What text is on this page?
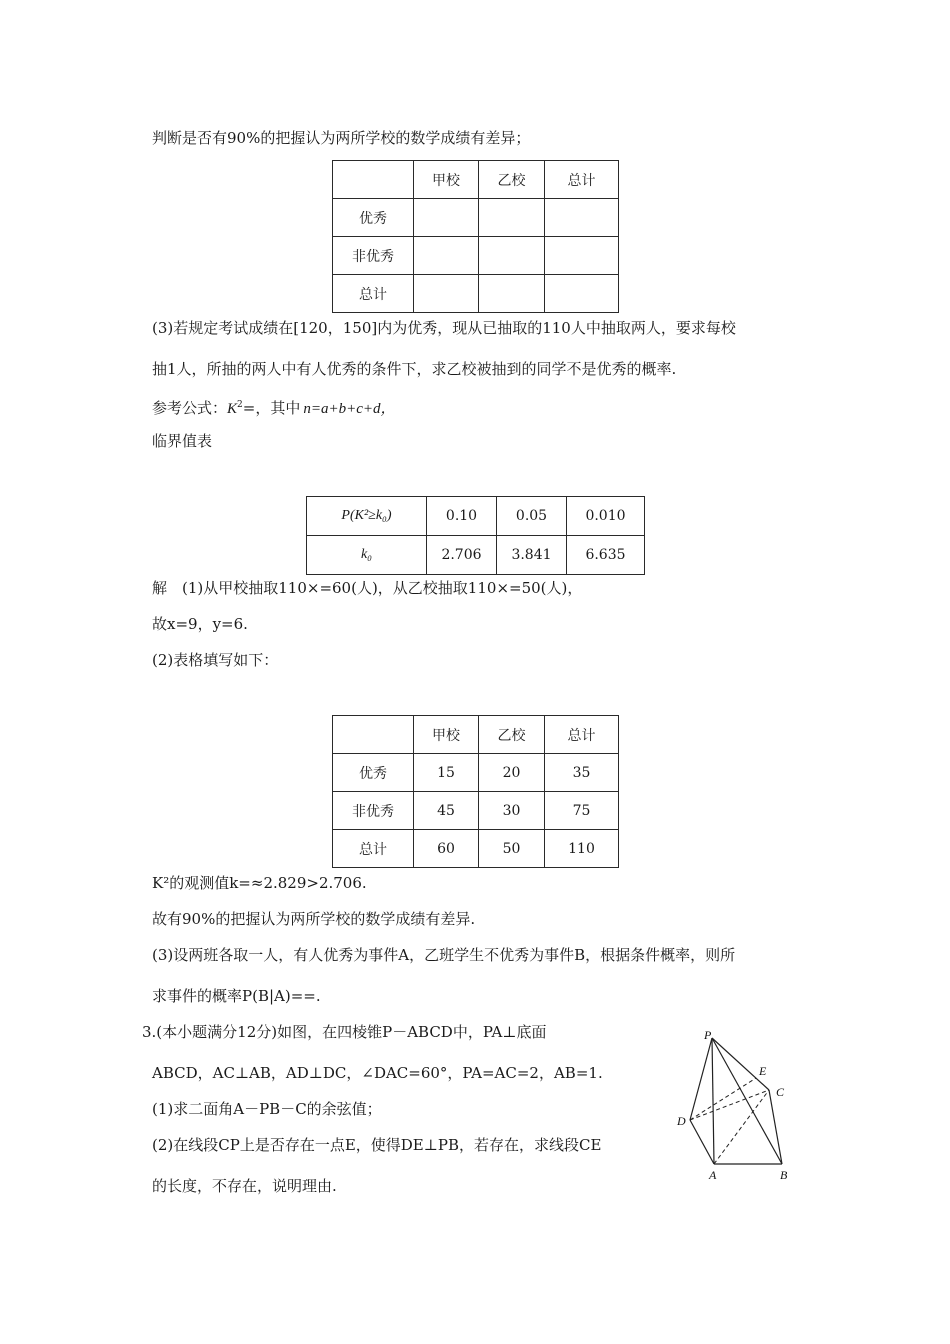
判断是否有90%的把握认为两所学校的数学成绩有差异；
	甲校	乙校	总计
优秀			
非优秀			
总计			
(3)若规定考试成绩在[120，150]内为优秀，现从已抽取的110人中抽取两人，要求每校
抽1人，所抽的两人中有人优秀的条件下，求乙校被抽到的同学不是优秀的概率.
参考公式：$K^2=$，其中  n=a+b+c+d，
临界值表
P(K²≥k₀)	0.10	0.05	0.010
k₀	2.706	3.841	6.635
解　(1)从甲校抽取110×=60(人)，从乙校抽取110×=50(人)，
故x=9，y=6.
(2)表格填写如下：
	甲校	乙校	总计
优秀	15	20	35
非优秀	45	30	75
总计	60	50	110
K²的观测值k=≈2.829>2.706.
故有90%的把握认为两所学校的数学成绩有差异.
(3)设两班各取一人，有人优秀为事件A，乙班学生不优秀为事件B，根据条件概率，则所
求事件的概率P(B|A)==.
3.(本小题满分12分)如图，在四棱锥P－ABCD中，PA⊥底面
ABCD，AC⊥AB，AD⊥DC，∠DAC=60°，PA=AC=2，AB=1.
(1)求二面角A－PB－C的余弦值；
(2)在线段CP上是否存在一点E，使得DE⊥PB，若存在，求线段CE
的长度，不存在，说明理由.
P
E
C
D
A	B
